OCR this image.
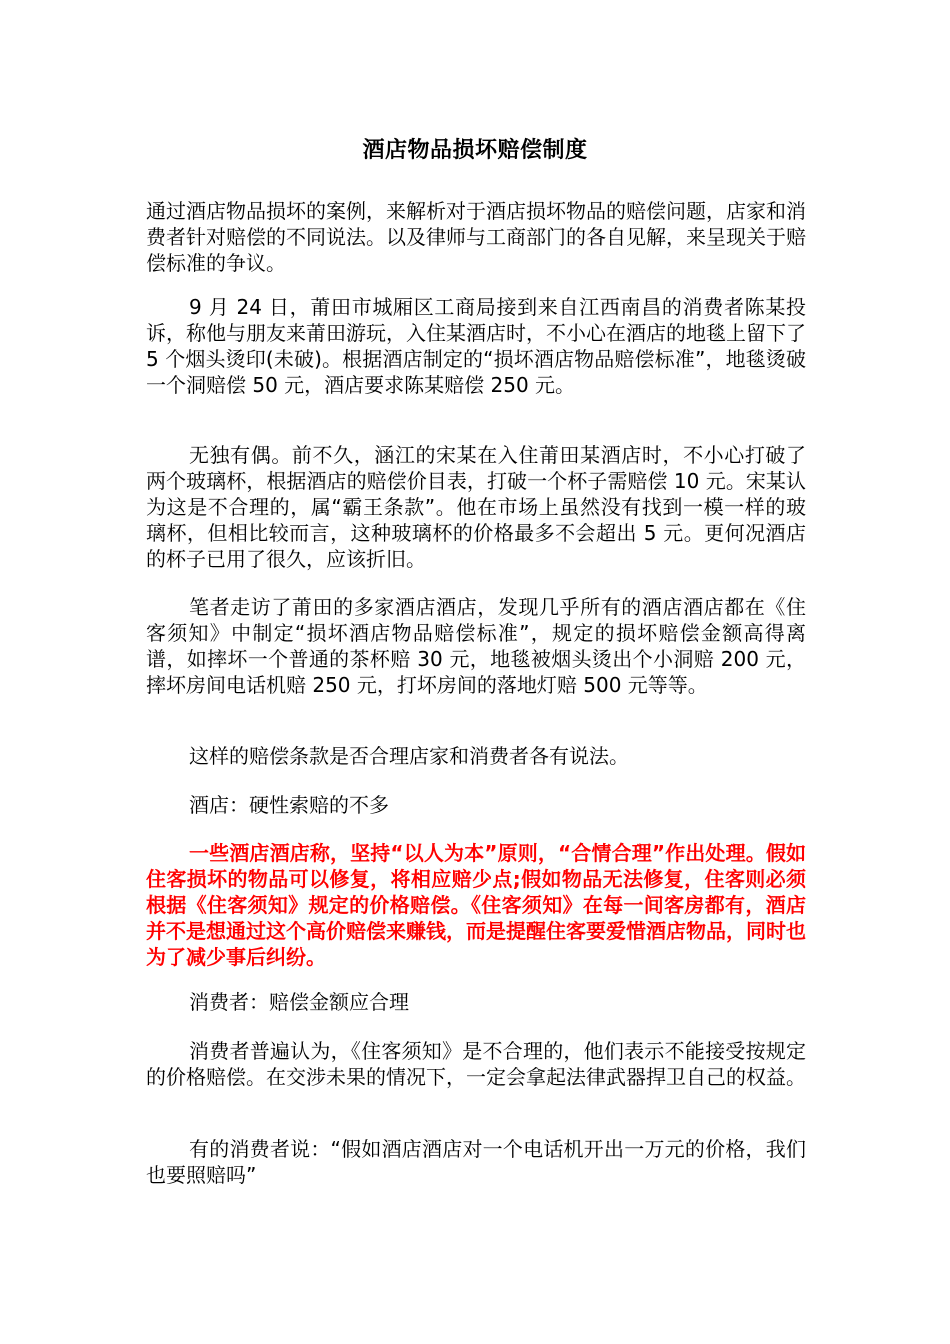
酒店物品损坏赔偿制度

通过酒店物品损坏的案例，来解析对于酒店损坏物品的赔偿问题，店家和消费者针对赔偿的不同说法。以及律师与工商部门的各自见解，来呈现关于赔偿标准的争议。

9 月 24 日，莆田市城厢区工商局接到来自江西南昌的消费者陈某投诉，称他与朋友来莆田游玩，入住某酒店时，不小心在酒店的地毯上留下了 5 个烟头烫印(未破)。根据酒店制定的“损坏酒店物品赔偿标准”，地毯烫破一个洞赔偿 50 元，酒店要求陈某赔偿 250 元。

无独有偶。前不久，涵江的宋某在入住莆田某酒店时，不小心打破了两个玻璃杯，根据酒店的赔偿价目表，打破一个杯子需赔偿 10 元。宋某认为这是不合理的，属“霸王条款”。他在市场上虽然没有找到一模一样的玻璃杯，但相比较而言，这种玻璃杯的价格最多不会超出 5 元。更何况酒店的杯子已用了很久，应该折旧。

笔者走访了莆田的多家酒店酒店，发现几乎所有的酒店酒店都在《住客须知》中制定“损坏酒店物品赔偿标准”，规定的损坏赔偿金额高得离谱，如摔坏一个普通的茶杯赔 30 元，地毯被烟头烫出个小洞赔 200 元，摔坏房间电话机赔 250 元，打坏房间的落地灯赔 500 元等等。

这样的赔偿条款是否合理店家和消费者各有说法。

酒店：硬性索赔的不多

一些酒店酒店称，坚持“以人为本”原则，“合情合理”作出处理。假如住客损坏的物品可以修复，将相应赔少点;假如物品无法修复，住客则必须根据《住客须知》规定的价格赔偿。《住客须知》在每一间客房都有，酒店并不是想通过这个高价赔偿来赚钱，而是提醒住客要爱惜酒店物品，同时也为了减少事后纠纷。

消费者：赔偿金额应合理

消费者普遍认为，《住客须知》是不合理的，他们表示不能接受按规定的价格赔偿。在交涉未果的情况下，一定会拿起法律武器捍卫自己的权益。

有的消费者说：“假如酒店酒店对一个电话机开出一万元的价格，我们也要照赔吗”
